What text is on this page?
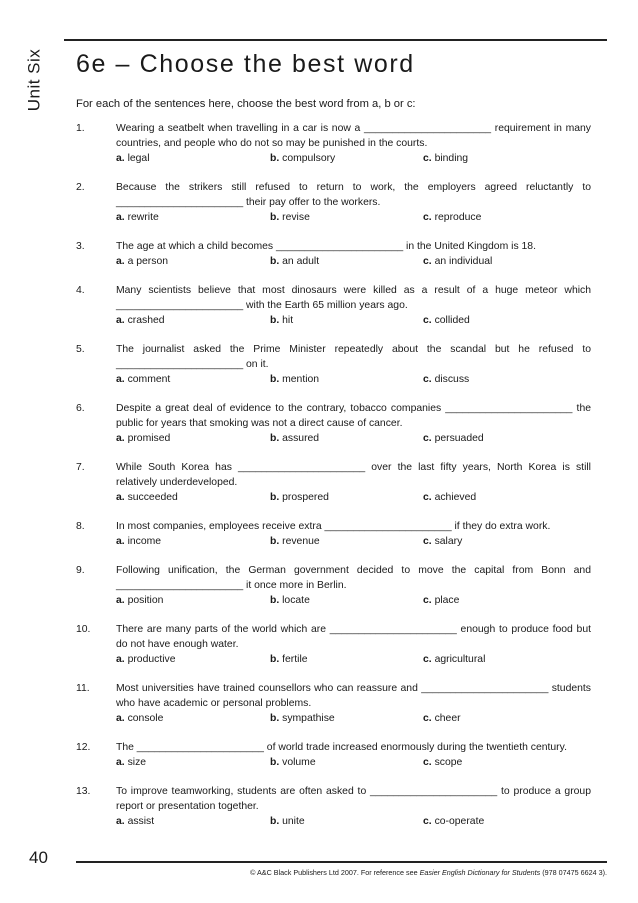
Unit Six 6e – Choose the best word
For each of the sentences here, choose the best word from a, b or c:
1.	Wearing a seatbelt when travelling in a car is now a ______________________ requirement in many countries, and people who do not so may be punished in the courts.
a. legal	b. compulsory	c. binding
2.	Because the strikers still refused to return to work, the employers agreed reluctantly to ______________________ their pay offer to the workers.
a. rewrite	b. revise	c. reproduce
3.	The age at which a child becomes ______________________ in the United Kingdom is 18.
a. a person	b. an adult	c. an individual
4.	Many scientists believe that most dinosaurs were killed as a result of a huge meteor which ______________________ with the Earth 65 million years ago.
a. crashed	b. hit	c. collided
5.	The journalist asked the Prime Minister repeatedly about the scandal but he refused to ______________________ on it.
a. comment	b. mention	c. discuss
6.	Despite a great deal of evidence to the contrary, tobacco companies ______________________ the public for years that smoking was not a direct cause of cancer.
a. promised	b. assured	c. persuaded
7.	While South Korea has ______________________ over the last fifty years, North Korea is still relatively underdeveloped.
a. succeeded	b. prospered	c. achieved
8.	In most companies, employees receive extra ______________________ if they do extra work.
a. income	b. revenue	c. salary
9.	Following unification, the German government decided to move the capital from Bonn and ______________________ it once more in Berlin.
a. position	b. locate	c. place
10. There are many parts of the world which are ______________________ enough to produce food but do not have enough water.
a. productive	b. fertile	c. agricultural
11.	Most universities have trained counsellors who can reassure and ______________________ students who have academic or personal problems.
a. console	b. sympathise	c. cheer
12. The ______________________ of world trade increased enormously during the twentieth century.
a. size	b. volume	c. scope
13. To improve teamworking, students are often asked to ______________________ to produce a group report or presentation together.
a. assist	b. unite	c. co-operate
40
© A&C Black Publishers Ltd 2007. For reference see Easier English Dictionary for Students (978 07475 6624 3).
